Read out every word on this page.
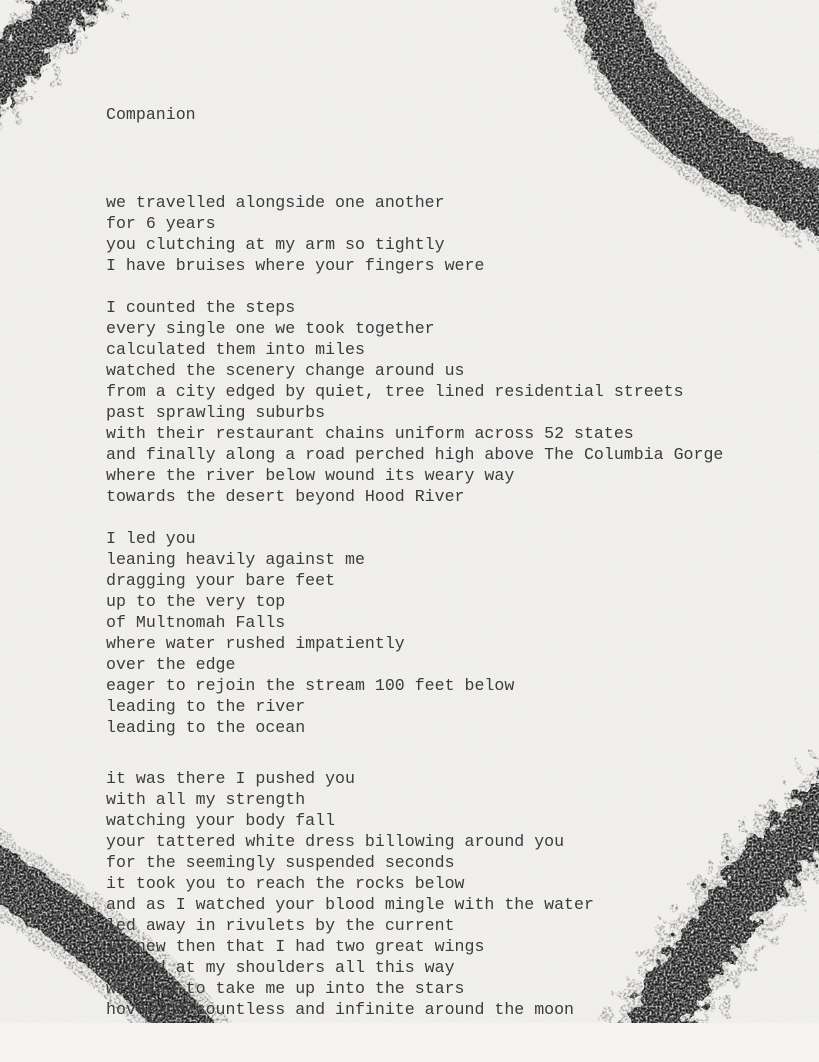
Companion

we travelled alongside one another
for 6 years
you clutching at my arm so tightly
I have bruises where your fingers were
I counted the steps
every single one we took together
calculated them into miles
watched the scenery change around us
from a city edged by quiet, tree lined residential streets
past sprawling suburbs
with their restaurant chains uniform across 52 states
and finally along a road perched high above The Columbia Gorge
where the river below wound its weary way
towards the desert beyond Hood River
I led you
leaning heavily against me
dragging your bare feet
up to the very top
of Multnomah Falls
where water rushed impatiently
over the edge
eager to rejoin the stream 100 feet below
leading to the river
leading to the ocean
it was there I pushed you
with all my strength
watching your body fall
your tattered white dress billowing around you
for the seemingly suspended seconds
it took you to reach the rocks below
and as I watched your blood mingle with the water
led away in rivulets by the current
I knew then that I had two great wings
tucked at my shoulders all this way
willing to take me up into the stars
hovering countless and infinite around the moon
